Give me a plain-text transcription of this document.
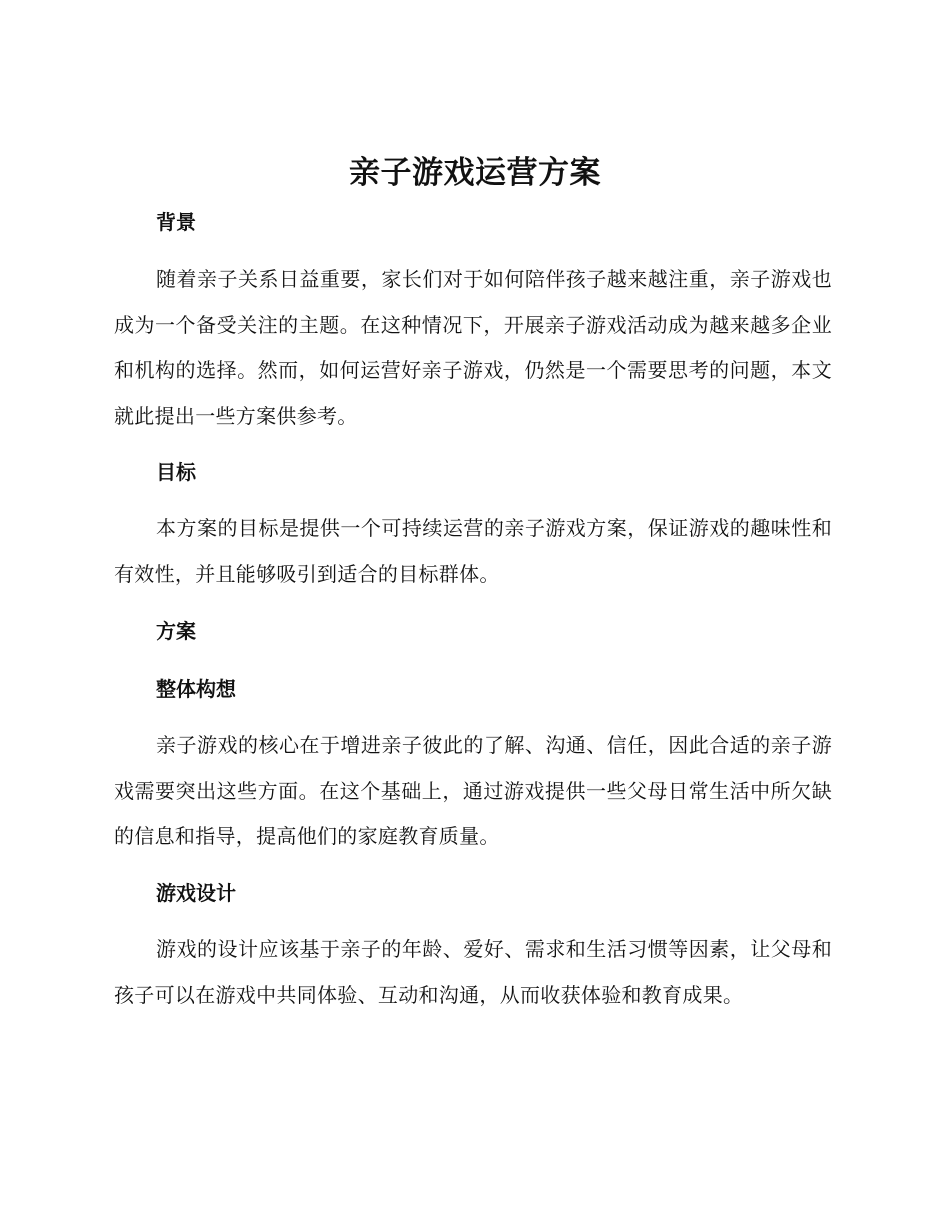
亲子游戏运营方案
背景
随着亲子关系日益重要，家长们对于如何陪伴孩子越来越注重，亲子游戏也成为一个备受关注的主题。在这种情况下，开展亲子游戏活动成为越来越多企业和机构的选择。然而，如何运营好亲子游戏，仍然是一个需要思考的问题，本文就此提出一些方案供参考。
目标
本方案的目标是提供一个可持续运营的亲子游戏方案，保证游戏的趣味性和有效性，并且能够吸引到适合的目标群体。
方案
整体构想
亲子游戏的核心在于增进亲子彼此的了解、沟通、信任，因此合适的亲子游戏需要突出这些方面。在这个基础上，通过游戏提供一些父母日常生活中所欠缺的信息和指导，提高他们的家庭教育质量。
游戏设计
游戏的设计应该基于亲子的年龄、爱好、需求和生活习惯等因素，让父母和孩子可以在游戏中共同体验、互动和沟通，从而收获体验和教育成果。
